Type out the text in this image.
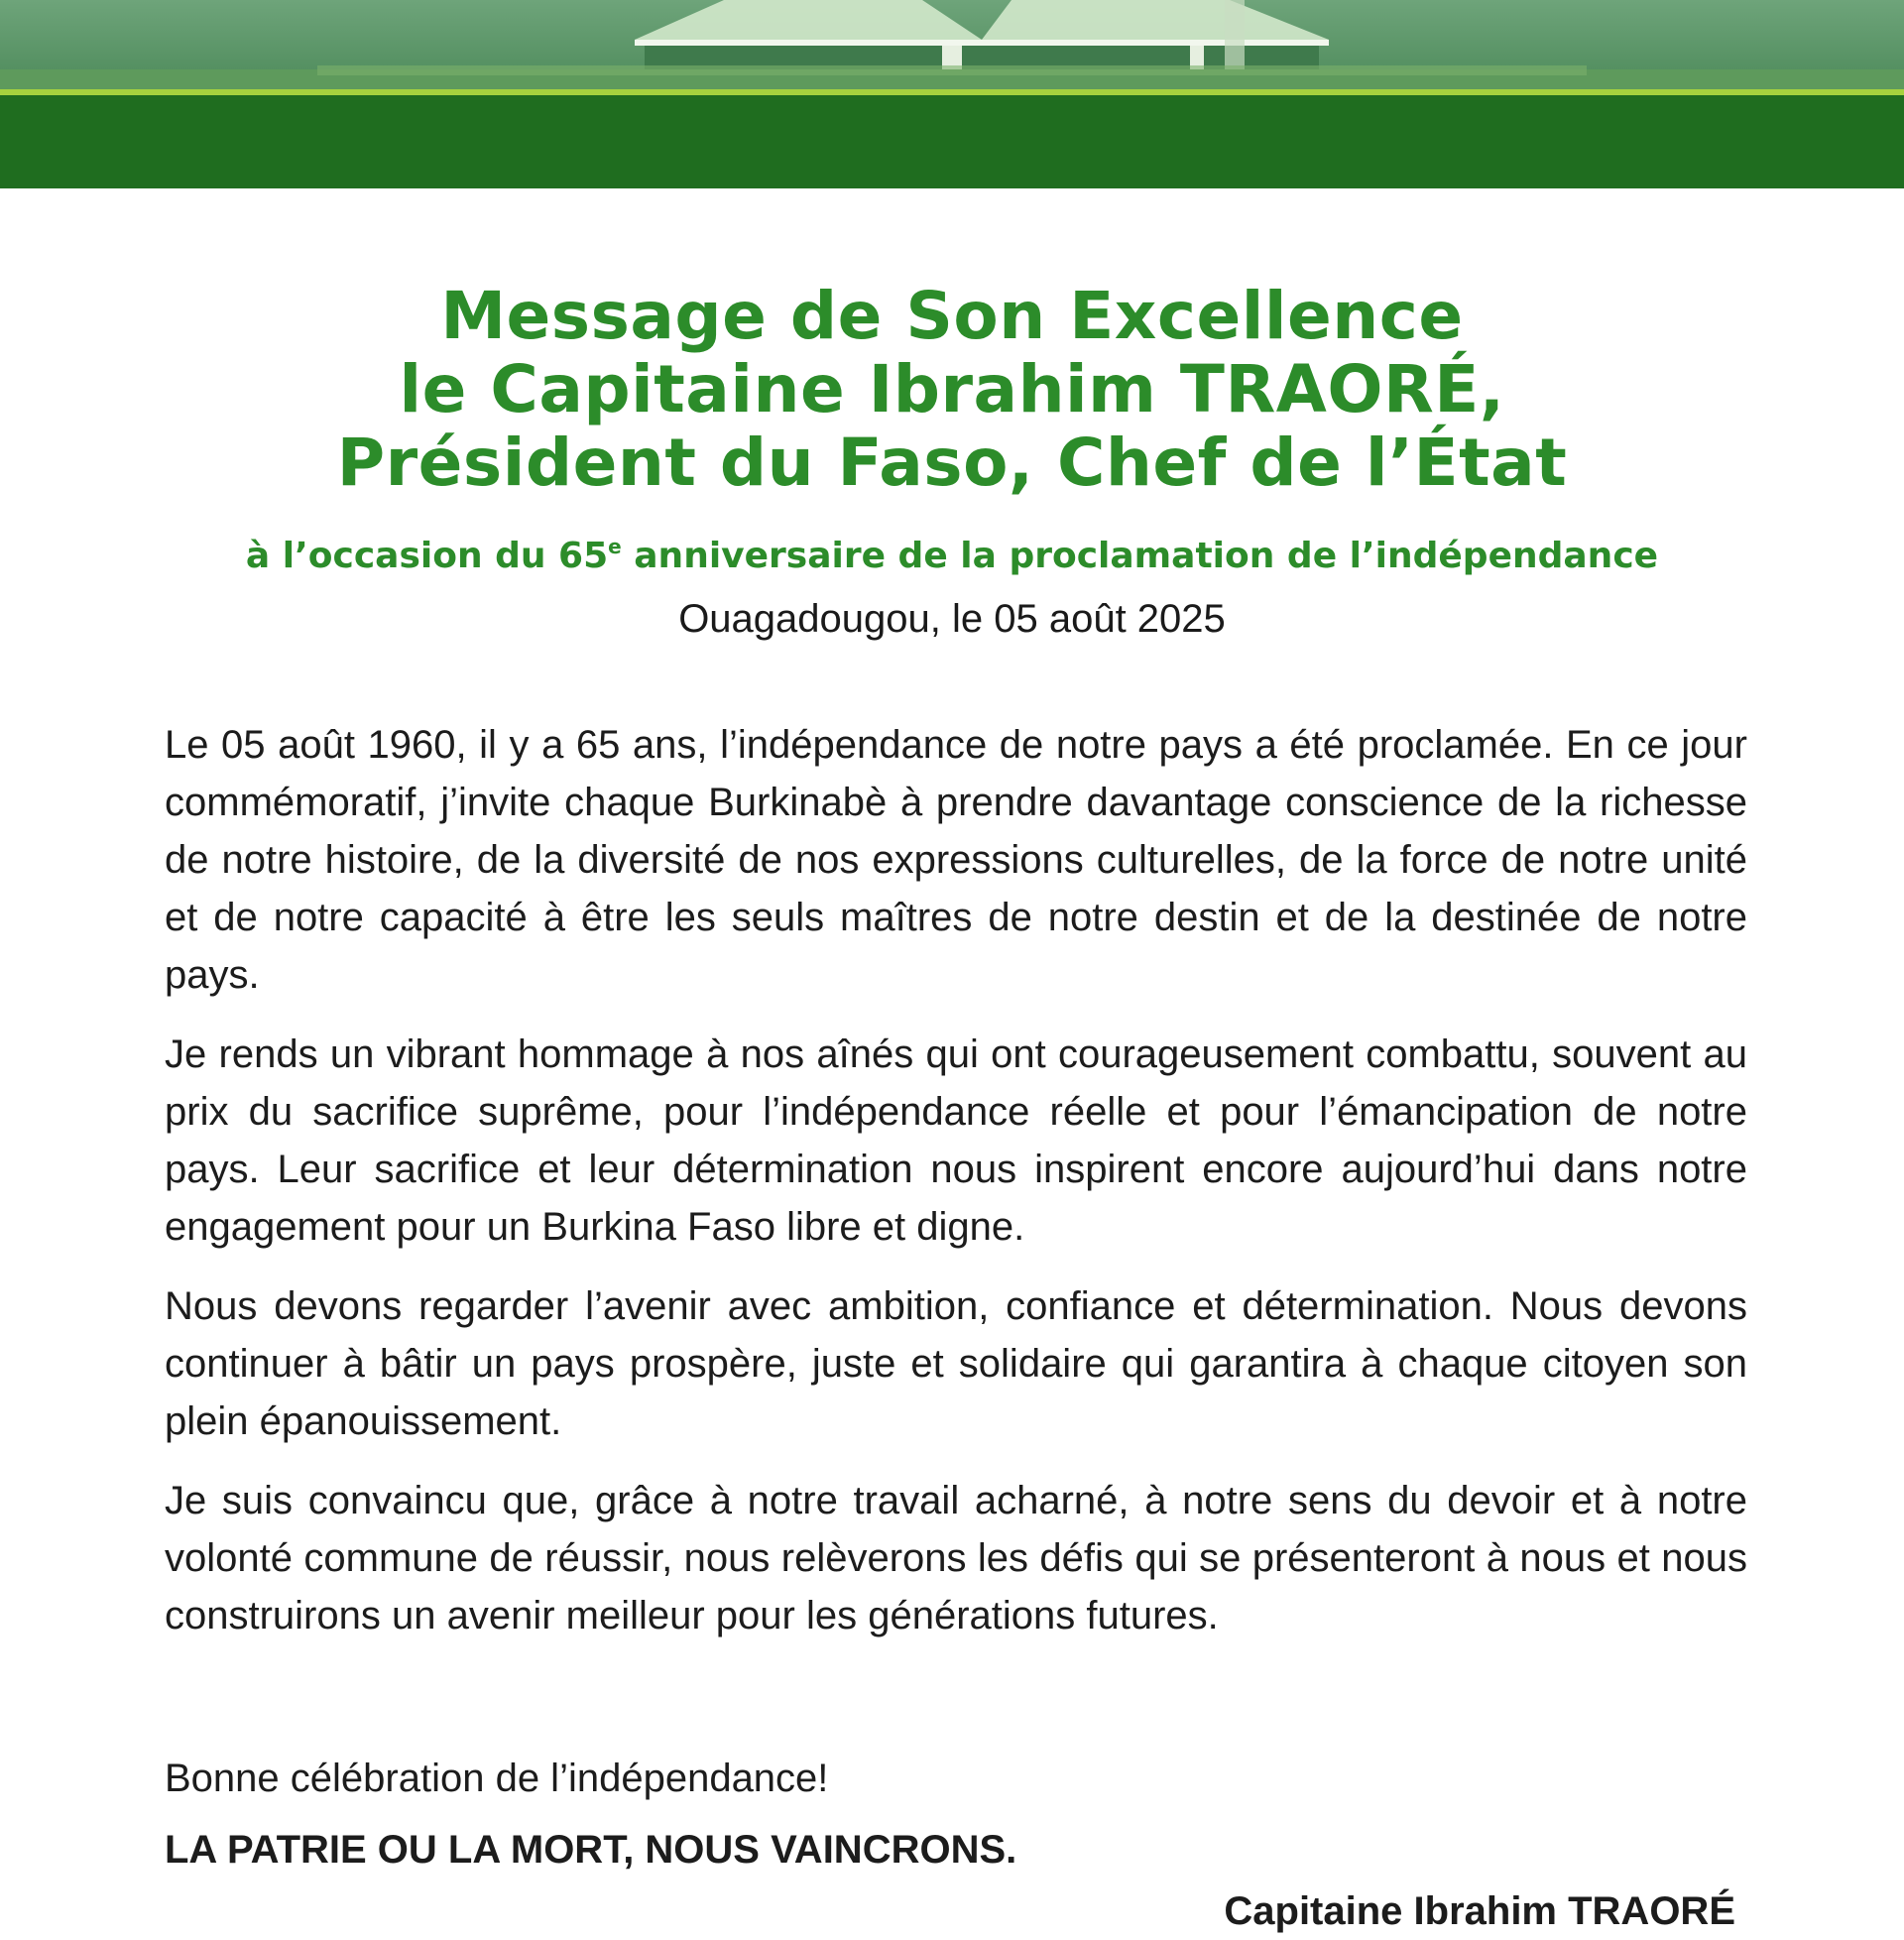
Message de Son Excellence
le Capitaine Ibrahim TRAORÉ,
Président du Faso, Chef de l’État
à l’occasion du 65e anniversaire de la proclamation de l’indépendance
Ouagadougou, le 05 août 2025

Le 05 août 1960, il y a 65 ans, l’indépendance de notre pays a été proclamée. En ce jour commémoratif, j’invite chaque Burkinabè à prendre davantage conscience de la richesse de notre histoire, de la diversité de nos expressions culturelles, de la force de notre unité et de notre capacité à être les seuls maîtres de notre destin et de la destinée de notre pays.

Je rends un vibrant hommage à nos aînés qui ont courageusement combattu, souvent au prix du sacrifice suprême, pour l’indépendance réelle et pour l’émancipation de notre pays. Leur sacrifice et leur détermination nous inspirent encore aujourd’hui dans notre engagement pour un Burkina Faso libre et digne.

Nous devons regarder l’avenir avec ambition, confiance et détermination. Nous devons continuer à bâtir un pays prospère, juste et solidaire qui garantira à chaque citoyen son plein épanouissement.

Je suis convaincu que, grâce à notre travail acharné, à notre sens du devoir et à notre volonté commune de réussir, nous relèverons les défis qui se présenteront à nous et nous construirons un avenir meilleur pour les générations futures.

Bonne célébration de l’indépendance!
LA PATRIE OU LA MORT, NOUS VAINCRONS.
Capitaine Ibrahim TRAORÉ
